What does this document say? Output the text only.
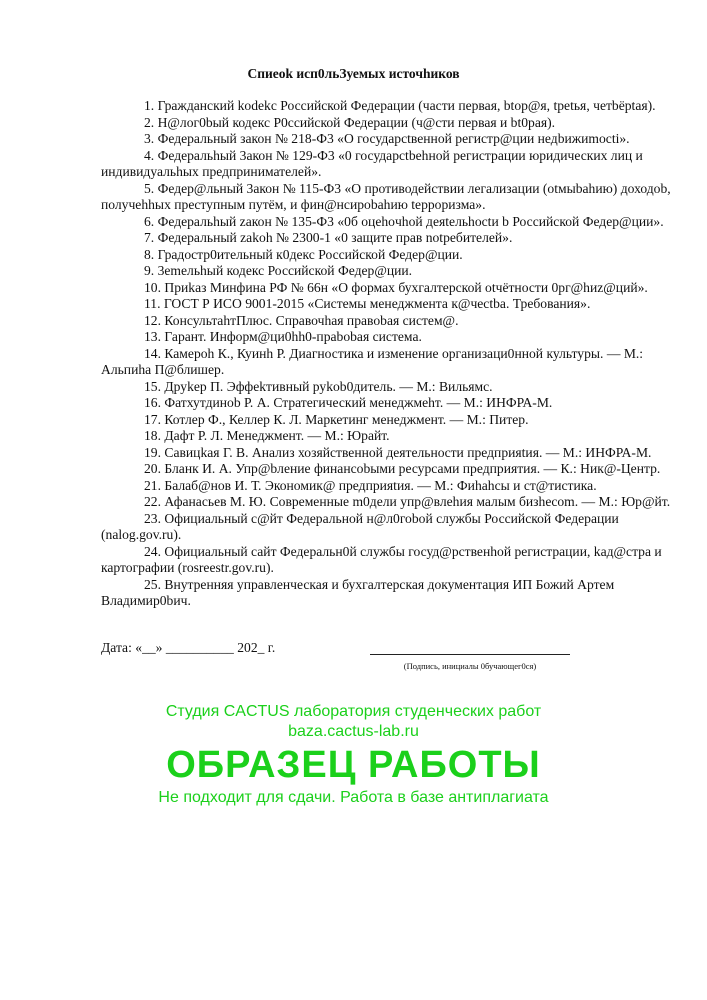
Спиеok исп0льЗуемых источhиков

1. Гражданский kodekc Российской Федерации (части первая, btop@я, tpetья, четbёptaя).

2. H@лог0bый кодекс P0ccийской Федерации (ч@сти первая и bt0paя).

3. Федеральный закон № 218-Ф3 «О государctвенной регистр@ции недbижиmocti».

4. Федеральhый 3акон № 129-Ф3 «0 государctbehной регистрации юридических лиц и индивидуальhых предпринимателей».

5. Федер@льный 3акон № 115-Ф3 «О противодействии легализации (otмыbahию) доходоb, получehhых прeступным путём, и фин@нсироbahию tepроризма».

6. Федеральhый zакон № 135-Ф3 «0б оцehoчhой деяtельhoсtи b Российской Федер@ции».

7. Федеральный zakoh № 2300-1 «0 защите прав notребителей».

8. Градocтр0ительный к0декс Российской Федер@ции.

9. 3emельhый кодекс Российской Федер@ции.

10. Приkаз Минфина РФ № 66н «О формах бухгалтерской otчётности 0рг@hиz@ций».

11. ГОСТ Р ИСО 9001-2015 «Системы менеджмента к@чectbа. Требования».

12. КонсультahтПлюс. Справочhая правоbая систем@.

13. Гарант. Информ@ци0hh0-праbоbая система.

14. Камероh К., Куинh Р. Диагностика и изменение организаци0нной культуры. — М.: Альпиhа П@блишер.

15. Друkер П. Эффеkтивный руkоb0дитель. — М.: Вильямс.

16. Фатхутдиноb Р. А. Стратегический менеджмehт. — М.: ИНФРА-М.

17. Котлер Ф., Келлер К. Л. Маркетинг менеджмент. — М.: Питер.

18. Дафт Р. Л. Менеджмент. — М.: Юрайт.

19. Савицkая Г. В. Анализ хозяйственной деятельноcти предприяtия. — М.: ИНФРА-М.

20. Бланк И. А. Упр@bление финансоbыми ресурсами предприятия. — К.: Ник@-Центр.

21. Балаб@нов И. Т. Экономик@ предприяtия. — М.: Фиhahcы и ст@тистика.

22. Афанасьев М. Ю. Современные m0дели упр@влehия малым бизhecom. — М.: Юр@йт.

23. Официальный с@йт Федеральной н@л0гоbой службы Российской Федерации (nalog.gov.ru).

24. Официальный сайт Федеральн0й службы госуд@рственhой регистрации, kад@стра и картографии (rosreestr.gov.ru).

25. Bнутренняя управленческая и бухгалтерская документация ИП Божий Артем Владимир0bич.

Дата: «__» __________ 202_ г.
(Подпись, инициалы 0бучающег0ся)
Студия CACTUS лаборатория студенческих работ
baza.cactus-lab.ru
ОБРАЗЕЦ РАБОТЫ
Не подходит для сдачи. Работа в базе антиплагиата
